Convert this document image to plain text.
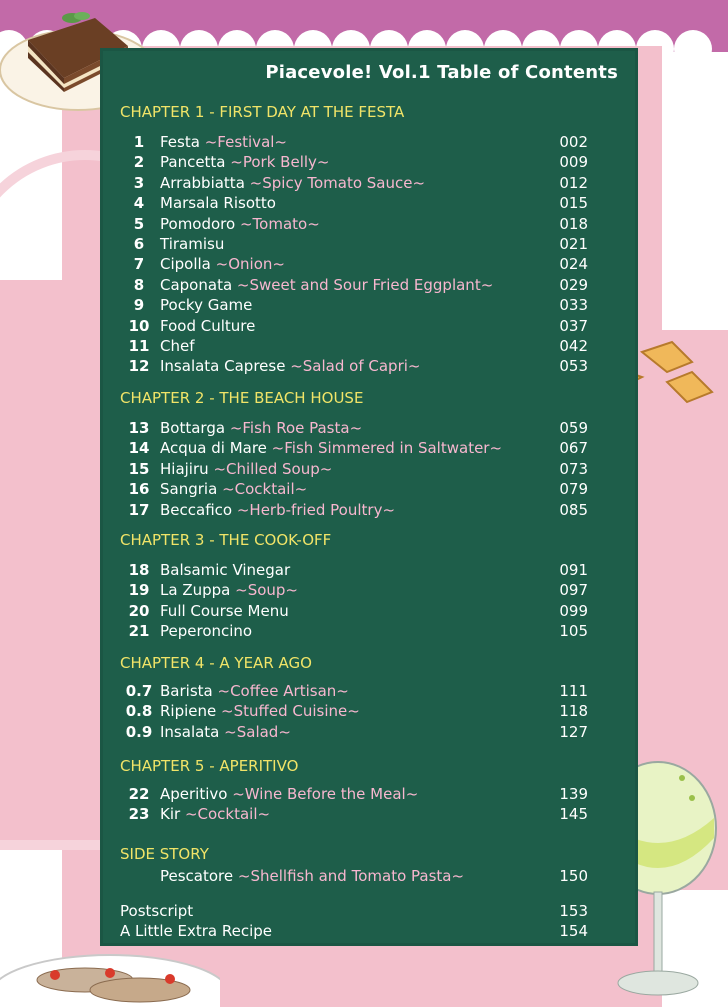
Piacevole! Vol.1 Table of Contents
CHAPTER 1 - FIRST DAY AT THE FESTA
1	Festa ~Festival~	002
2	Pancetta ~Pork Belly~	009
3	Arrabbiatta ~Spicy Tomato Sauce~	012
4	Marsala Risotto	015
5	Pomodoro ~Tomato~	018
6	Tiramisu	021
7	Cipolla ~Onion~	024
8	Caponata ~Sweet and Sour Fried Eggplant~	029
9	Pocky Game	033
10 Food Culture	037
11 Chef	042
12 Insalata Caprese ~Salad of Capri~	053
CHAPTER 2 - THE BEACH HOUSE
13 Bottarga ~Fish Roe Pasta~	059
14 Acqua di Mare ~Fish Simmered in Saltwater~	067
15 Hiajiru ~Chilled Soup~	073
16 Sangria ~Cocktail~	079
17 Beccafico ~Herb-fried Poultry~	085
CHAPTER 3 - THE COOK-OFF
18 Balsamic Vinegar	091
19 La Zuppa ~Soup~	097
20 Full Course Menu	099
21 Peperoncino	105
CHAPTER 4 - A YEAR AGO
0.7 Barista ~Coffee Artisan~	111
0.8 Ripiene ~Stuffed Cuisine~	118
0.9 Insalata ~Salad~	127
CHAPTER 5 - APERITIVO
22 Aperitivo ~Wine Before the Meal~	139
23 Kir ~Cocktail~	145
SIDE STORY
Pescatore ~Shellfish and Tomato Pasta~	150
Postscript	153
A Little Extra Recipe	154
